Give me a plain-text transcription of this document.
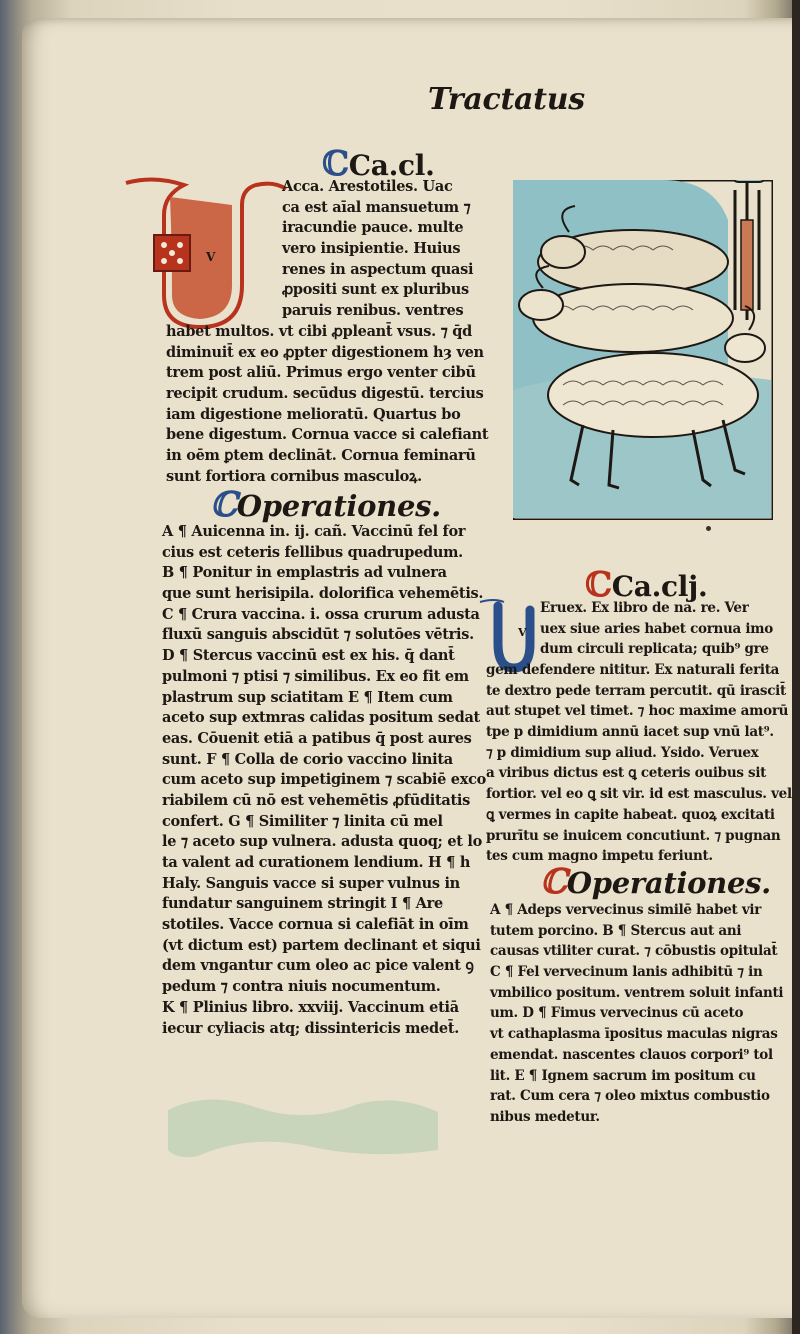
Tractatus
ℂCa.cl.
V
Acca. Arestotiles. Uac
ca est aīal mansuetum ⁊
iracundie pauce. multe
vero insipientie. Huius
renes in aspectum quasi
ꝓpositi sunt ex pluribus
paruis renibus. ventres
habet multos. vt cibi ꝓpleant̄ vsus. ⁊ q̄d
diminuit̄ ex eo ꝓpter digestionem hȝ ven
trem post aliū. Primus ergo venter cibū
recipit crudum. secūdus digestū. tercius
iam digestione melioratū. Quartus bo
bene digestum. Cornua vacce si calefiant
in oēm ꝑtem declināt. Cornua feminarū
sunt fortiora cornibus masculoꝝ.
ℂOperationes.
A ¶ Auicenna in. ij. cañ. Vaccinū fel for
cius est ceteris fellibus quadrupedum.
B ¶ Ponitur in emplastris ad vulnera
que sunt herisipila. dolorifica vehemētis.
C ¶ Crura vaccina. i. ossa crurum adusta
fluxū sanguis abscidūt ⁊ solutōes vētris.
D ¶ Stercus vaccinū est ex his. q̄ dant̄
pulmoni ⁊ ptisi ⁊ similibus. Ex eo fit em
plastrum sup sciatitam E ¶ Item cum
aceto sup extmras calidas positum sedat
eas. Cōuenit etiā a patibus q̄ post aures
sunt. F ¶ Colla de corio vaccino linita
cum aceto sup impetiginem ⁊ scabiē exco
riabilem cū nō est vehemētis ꝓfūditatis
confert. G ¶ Similiter ⁊ linita cū mel
le ⁊ aceto sup vulnera. adusta quoq; et lo
ta valent ad curationem lendium. H ¶ h
Haly. Sanguis vacce si super vulnus in
fundatur sanguinem stringit I ¶ Are
stotiles. Vacce cornua si calefiāt in oīm
(vt dictum est) partem declinant et siqui
dem vngantur cum oleo ac pice valent ꝯ
pedum ⁊ contra niuis nocumentum.
K ¶ Plinius libro. xxviij. Vaccinum etiā
iecur cyliacis atq; dissintericis medet̄.
ℂCa.clj.
V
Eruex. Ex libro de na. re. Ver
uex siue aries habet cornua imo
dum circuli replicata; quib⁹ gre
gem defendere nititur. Ex naturali ferita
te dextro pede terram percutit. qū irascit̄
aut stupet vel timet. ⁊ hoc maxime amorū
tpe p dimidium annū iacet sup vnū lat⁹.
⁊ p dimidium sup aliud. Ysido. Veruex
a viribus dictus est ꝗ ceteris ouibus sit
fortior. vel eo ꝗ sit vir. id est masculus. vel
ꝗ vermes in capite habeat. quoꝝ excitati
prurītu se inuicem concutiunt. ⁊ pugnan
tes cum magno impetu feriunt.
ℂOperationes.
A ¶ Adeps vervecinus similē habet vir
tutem porcino. B ¶ Stercus aut ani
causas vtiliter curat. ⁊ cōbustis opitulat̄
C ¶ Fel vervecinum lanis adhibitū ⁊ in
vmbilico positum. ventrem soluit infanti
um. D ¶ Fimus vervecinus cū aceto
vt cathaplasma īpositus maculas nigras
emendat. nascentes clauos corpori⁹ tol
lit. E ¶ Ignem sacrum im positum cu
rat. Cum cera ⁊ oleo mixtus combustio
nibus medetur.
